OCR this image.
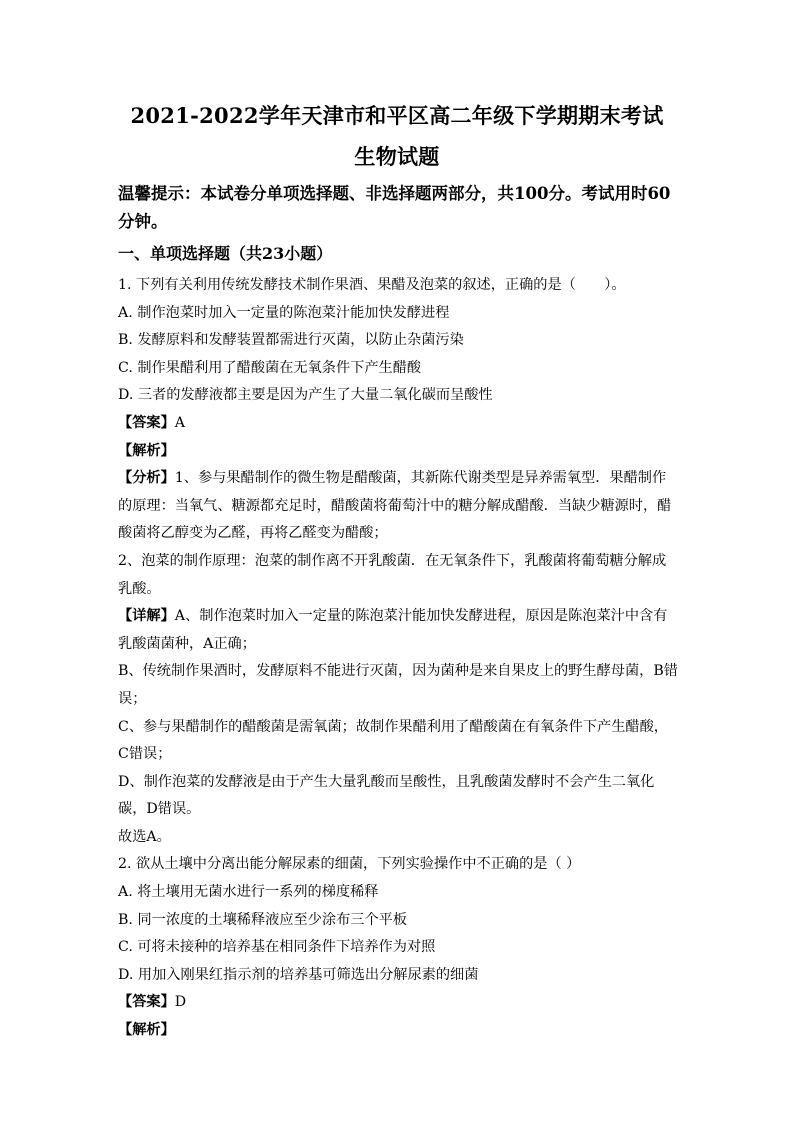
2021-2022学年天津市和平区高二年级下学期期末考试
生物试题
温馨提示：本试卷分单项选择题、非选择题两部分，共100分。考试用时60分钟。
一、单项选择题（共23小题）

1. 下列有关利用传统发酵技术制作果酒、果醋及泡菜的叙述，正确的是（　　）。

A. 制作泡菜时加入一定量的陈泡菜汁能加快发酵进程

B. 发酵原料和发酵装置都需进行灭菌，以防止杂菌污染

C. 制作果醋利用了醋酸菌在无氧条件下产生醋酸

D. 三者的发酵液都主要是因为产生了大量二氧化碳而呈酸性

【答案】A

【解析】

【分析】1、参与果醋制作的微生物是醋酸菌，其新陈代谢类型是异养需氧型．果醋制作的原理：当氧气、糖源都充足时，醋酸菌将葡萄汁中的糖分解成醋酸．当缺少糖源时，醋酸菌将乙醇变为乙醛，再将乙醛变为醋酸；

2、泡菜的制作原理：泡菜的制作离不开乳酸菌．在无氧条件下，乳酸菌将葡萄糖分解成乳酸。

【详解】A、制作泡菜时加入一定量的陈泡菜汁能加快发酵进程，原因是陈泡菜汁中含有乳酸菌菌种，A正确；

B、传统制作果酒时，发酵原料不能进行灭菌，因为菌种是来自果皮上的野生酵母菌，B错误；

C、参与果醋制作的醋酸菌是需氧菌；故制作果醋利用了醋酸菌在有氧条件下产生醋酸，C错误；

D、制作泡菜的发酵液是由于产生大量乳酸而呈酸性，且乳酸菌发酵时不会产生二氧化碳，D错误。

故选A。

2. 欲从土壤中分离出能分解尿素的细菌，下列实验操作中不正确的是（ ）

A. 将土壤用无菌水进行一系列的梯度稀释

B. 同一浓度的土壤稀释液应至少涂布三个平板

C. 可将未接种的培养基在相同条件下培养作为对照

D. 用加入刚果红指示剂的培养基可筛选出分解尿素的细菌

【答案】D

【解析】
